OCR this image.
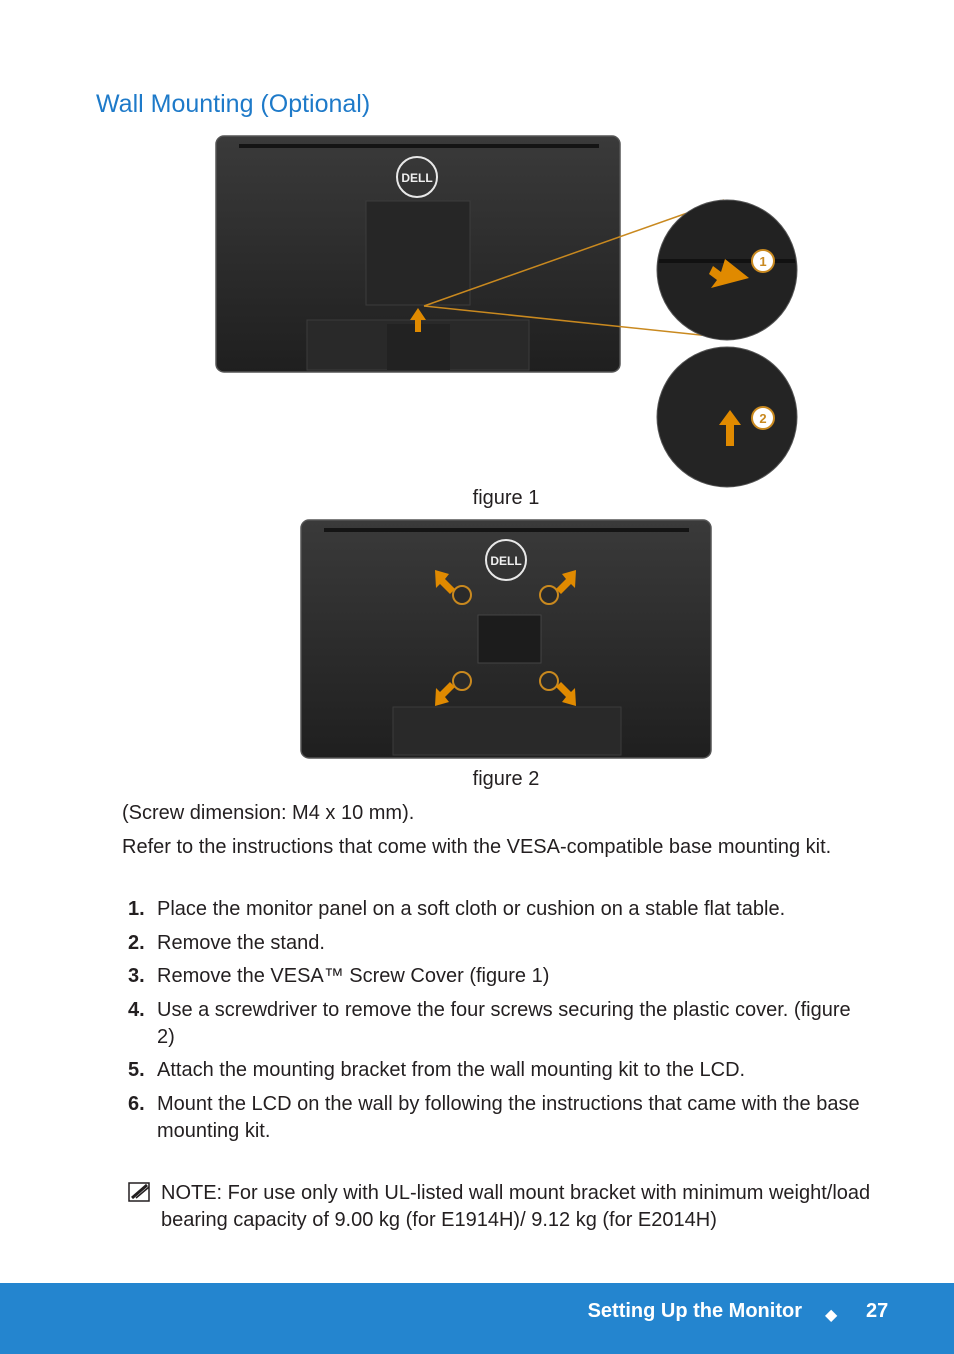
Wall Mounting (Optional)
DELL
1
2
figure 1
DELL
figure 2

(Screw dimension: M4 x 10 mm).

Refer to the instructions that come with the VESA-compatible base mounting kit.

1. Place the monitor panel on a soft cloth or cushion on a stable flat table.
2. Remove the stand.
3. Remove the VESA™ Screw Cover (figure 1)
4. Use a screwdriver to remove the four screws securing the plastic cover. (figure 2)
5. Attach the mounting bracket from the wall mounting kit to the LCD.
6. Mount the LCD on the wall by following the instructions that came with the base mounting kit.
NOTE: For use only with UL-listed wall mount bracket with minimum weight/load bearing capacity of 9.00 kg (for E1914H)/ 9.12 kg (for E2014H)
Setting Up the Monitor ◆ 27
